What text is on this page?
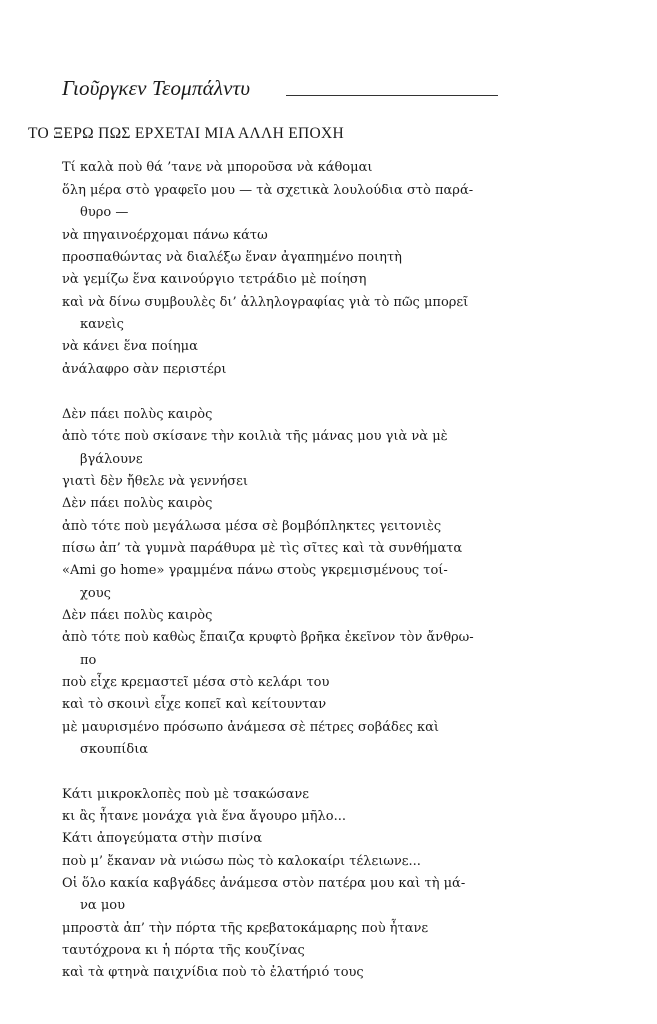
Γιοῦργκεν Τεομπάλντυ
ΤΟ ΞΕΡΩ ΠΩΣ ΕΡΧΕΤΑΙ ΜΙΑ ΑΛΛΗ ΕΠΟΧΗ
Τί καλὰ ποὺ θά ’τανε νὰ μποροῦσα νὰ κάθομαι
ὅλη μέρα στὸ γραφεῖο μου — τὰ σχετικὰ λουλούδια στὸ παρά-
θυρο —
νὰ πηγαινοέρχομαι πάνω κάτω
προσπαθώντας νὰ διαλέξω ἕναν ἀγαπημένο ποιητὴ
νὰ γεμίζω ἕνα καινούργιο τετράδιο μὲ ποίηση
καὶ νὰ δίνω συμβουλὲς δι’ ἀλληλογραφίας γιὰ τὸ πῶς μπορεῖ
κανεὶς
νὰ κάνει ἕνα ποίημα
ἀνάλαφρο σὰν περιστέρι
Δὲν πάει πολὺς καιρὸς
ἀπὸ τότε ποὺ σκίσανε τὴν κοιλιὰ τῆς μάνας μου γιὰ νὰ μὲ
βγάλουνε
γιατὶ δὲν ἤθελε νὰ γεννήσει
Δὲν πάει πολὺς καιρὸς
ἀπὸ τότε ποὺ μεγάλωσα μέσα σὲ βομβόπληκτες γειτονιὲς
πίσω ἀπ’ τὰ γυμνὰ παράθυρα μὲ τὶς σῖτες καὶ τὰ συνθήματα
«Ami go home» γραμμένα πάνω στοὺς γκρεμισμένους τοί-
χους
Δὲν πάει πολὺς καιρὸς
ἀπὸ τότε ποὺ καθὼς ἔπαιζα κρυφτὸ βρῆκα ἐκεῖνον τὸν ἄνθρω-
πο
ποὺ εἶχε κρεμαστεῖ μέσα στὸ κελάρι του
καὶ τὸ σκοινὶ εἶχε κοπεῖ καὶ κείτουνταν
μὲ μαυρισμένο πρόσωπο ἀνάμεσα σὲ πέτρες σοβάδες καὶ
σκουπίδια
Κάτι μικροκλοπὲς ποὺ μὲ τσακώσανε
κι ἂς ἦτανε μονάχα γιὰ ἕνα ἄγουρο μῆλο...
Κάτι ἀπογεύματα στὴν πισίνα
ποὺ μ’ ἔκαναν νὰ νιώσω πὼς τὸ καλοκαίρι τέλειωνε...
Οἱ ὅλο κακία καβγάδες ἀνάμεσα στὸν πατέρα μου καὶ τὴ μά-
να μου
μπροστὰ ἀπ’ τὴν πόρτα τῆς κρεβατοκάμαρης ποὺ ἦτανε
ταυτόχρονα κι ἡ πόρτα τῆς κουζίνας
καὶ τὰ φτηνὰ παιχνίδια ποὺ τὸ ἐλατήριό τους
